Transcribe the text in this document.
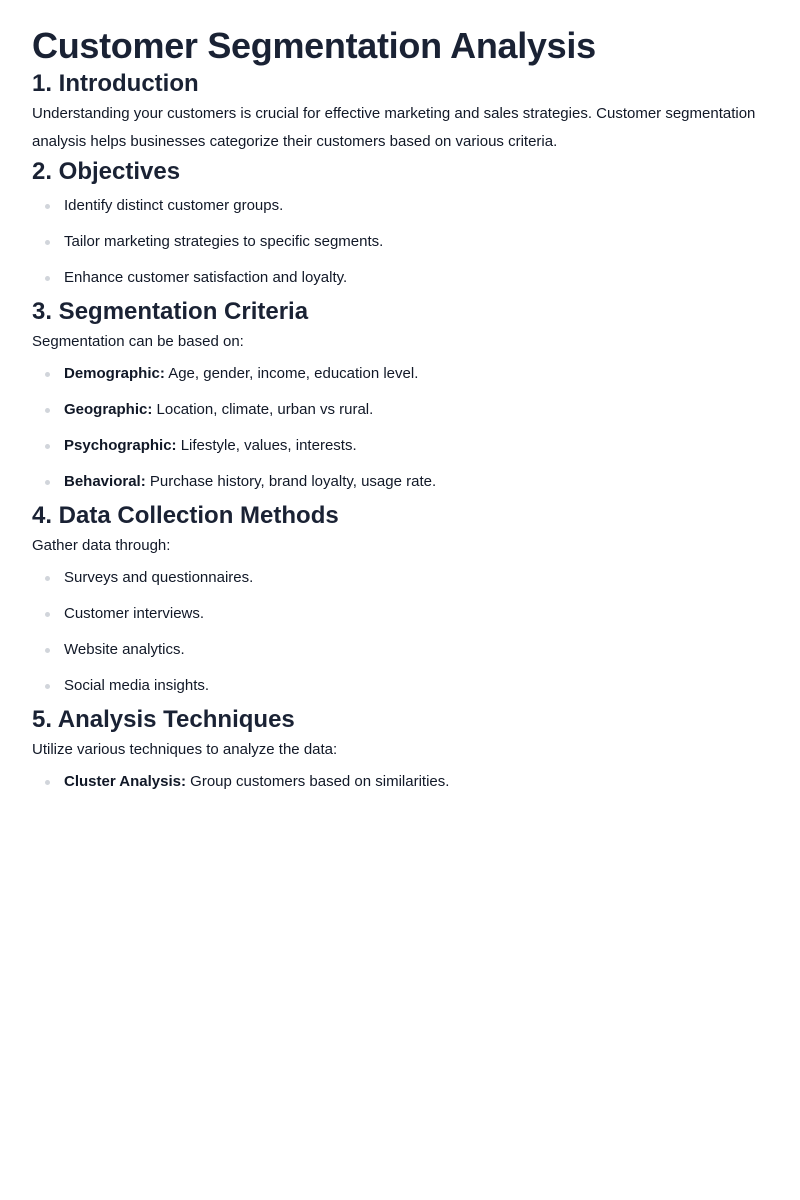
Customer Segmentation Analysis
1. Introduction

Understanding your customers is crucial for effective marketing and sales strategies. Customer segmentation analysis helps businesses categorize their customers based on various criteria.

2. Objectives
Identify distinct customer groups.
Tailor marketing strategies to specific segments.
Enhance customer satisfaction and loyalty.
3. Segmentation Criteria

Segmentation can be based on:

Demographic: Age, gender, income, education level.
Geographic: Location, climate, urban vs rural.
Psychographic: Lifestyle, values, interests.
Behavioral: Purchase history, brand loyalty, usage rate.
4. Data Collection Methods

Gather data through:

Surveys and questionnaires.
Customer interviews.
Website analytics.
Social media insights.
5. Analysis Techniques

Utilize various techniques to analyze the data:

Cluster Analysis: Group customers based on similarities.
